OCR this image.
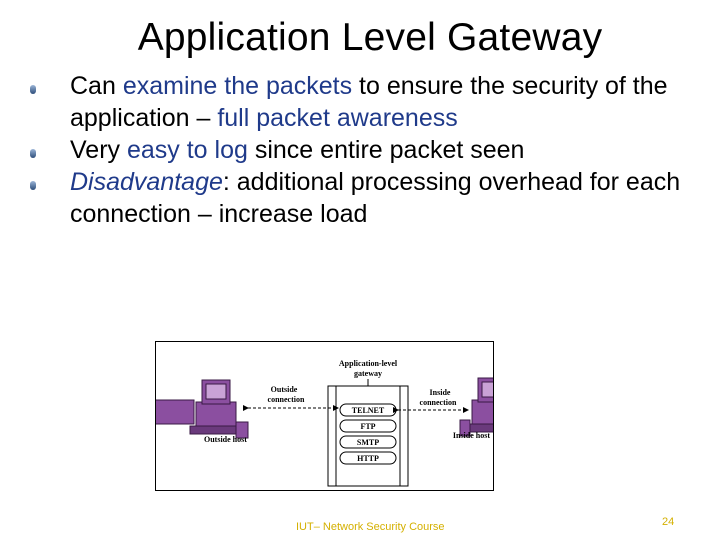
Application Level Gateway
Can examine the packets to ensure the security of the application – full packet awareness
Very easy to log since entire packet seen
Disadvantage: additional processing overhead for each connection – increase load
Outside host	Inside host
Application-level
gateway
TELNET
FTP
SMTP
HTTP
Outside
connection
Inside
connection
IUT– Network Security Course	24
